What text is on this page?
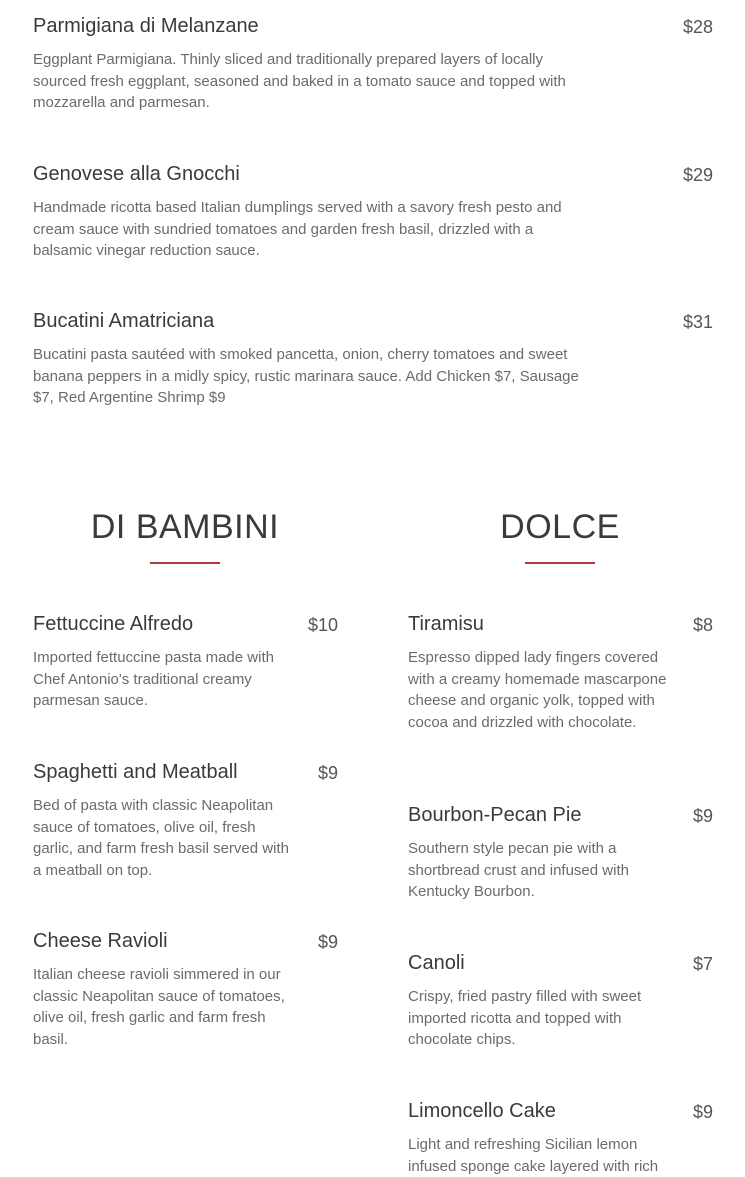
Parmigiana di Melanzane	$28
Eggplant Parmigiana. Thinly sliced and traditionally prepared layers of locally sourced fresh eggplant, seasoned and baked in a tomato sauce and topped with mozzarella and parmesan.
Genovese alla Gnocchi	$29
Handmade ricotta based Italian dumplings served with a savory fresh pesto and cream sauce with sundried tomatoes and garden fresh basil, drizzled with a balsamic vinegar reduction sauce.
Bucatini Amatriciana	$31
Bucatini pasta sautéed with smoked pancetta, onion, cherry tomatoes and sweet banana peppers in a midly spicy, rustic marinara sauce. Add Chicken $7, Sausage $7, Red Argentine Shrimp $9
DI BAMBINI	DOLCE
Fettuccine Alfredo	$10
Imported fettuccine pasta made with Chef Antonio's traditional creamy parmesan sauce.
Spaghetti and Meatball	$9
Bed of pasta with classic Neapolitan sauce of tomatoes, olive oil, fresh garlic, and farm fresh basil served with a meatball on top.
Cheese Ravioli	$9
Italian cheese ravioli simmered in our classic Neapolitan sauce of tomatoes, olive oil, fresh garlic and farm fresh basil.
Tiramisu	$8
Espresso dipped lady fingers covered with a creamy homemade mascarpone cheese and organic yolk, topped with cocoa and drizzled with chocolate.
Bourbon-Pecan Pie	$9
Southern style pecan pie with a shortbread crust and infused with Kentucky Bourbon.
Canoli	$7
Crispy, fried pastry filled with sweet imported ricotta and topped with chocolate chips.
Limoncello Cake	$9
Light and refreshing Sicilian lemon infused sponge cake layered with rich
